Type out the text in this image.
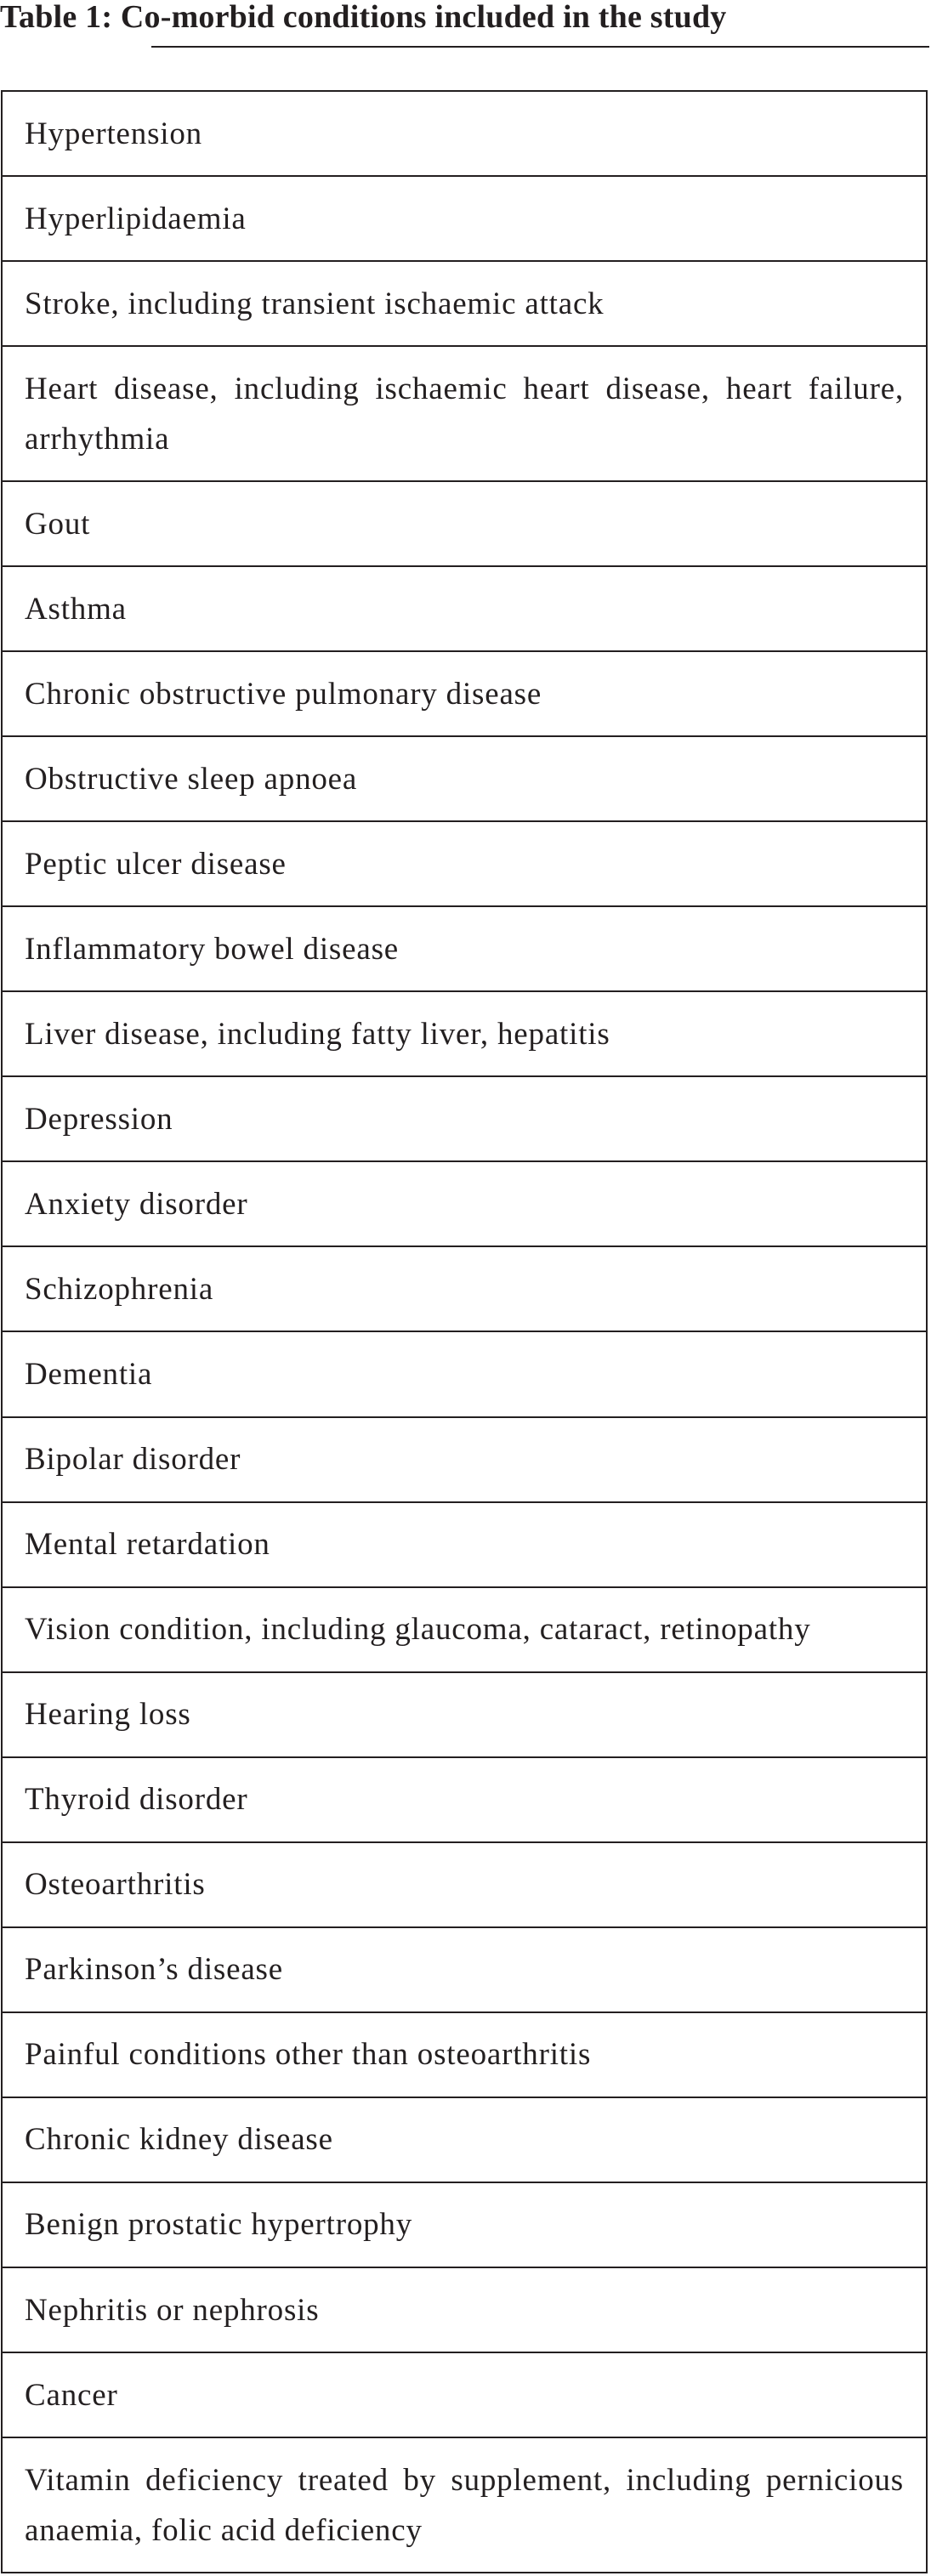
Table 1: Co-morbid conditions included in the study
Hypertension
Hyperlipidaemia
Stroke, including transient ischaemic attack
Heart disease, including ischaemic heart disease, heart failure, arrhythmia
Gout
Asthma
Chronic obstructive pulmonary disease
Obstructive sleep apnoea
Peptic ulcer disease
Inflammatory bowel disease
Liver disease, including fatty liver, hepatitis
Depression
Anxiety disorder
Schizophrenia
Dementia
Bipolar disorder
Mental retardation
Vision condition, including glaucoma, cataract, retinopathy
Hearing loss
Thyroid disorder
Osteoarthritis
Parkinson’s disease
Painful conditions other than osteoarthritis
Chronic kidney disease
Benign prostatic hypertrophy
Nephritis or nephrosis
Cancer
Vitamin deficiency treated by supplement, including pernicious anaemia, folic acid deficiency
